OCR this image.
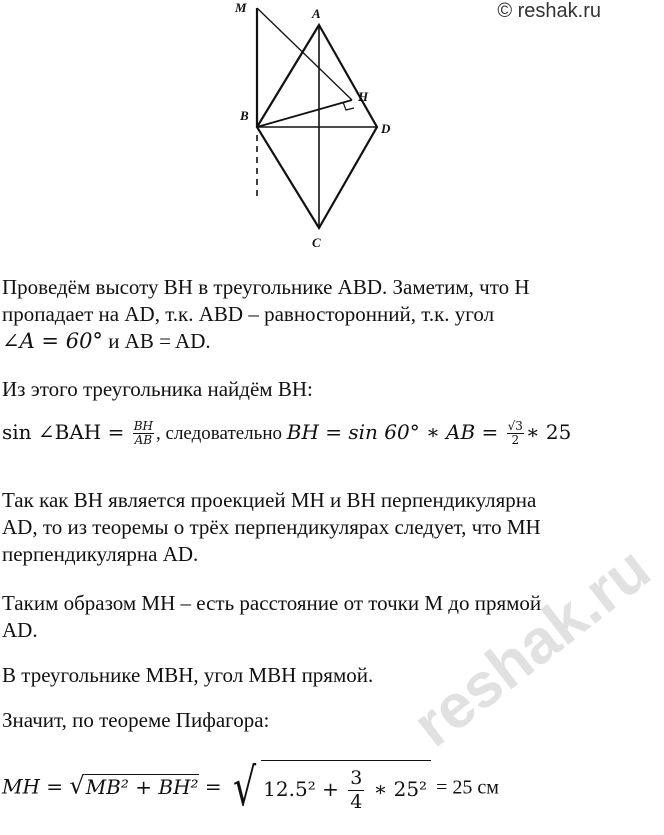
© reshak.ru
M	A
B
H
D
C
Проведём высоту BH в треугольнике ABD. Заметим, что H
пропадает на AD, т.к. ABD – равносторонний, т.к. угол
∠A = 60° и AB = AD.
Из этого треугольника найдём BH:
sin ∠BAH = $\frac{BH}{AB}$ , следовательно BH = sin 60° ∗ AB = $\frac{√3}{2}$ ∗ 25
Так как BH является проекцией MH и BH перпендикулярна
AD, то из теоремы о трёх перпендикулярах следует, что MH
перпендикулярна AD.
Таким образом MH – есть расстояние от точки M до прямой
AD.
В треугольнике MBH, угол MBH прямой.
Значит, по теореме Пифагора:
MH = √MB² + BH² = √ $12.5^2 + \frac{3}{4}$ ∗ 25² = 25 см
reshak.ru
